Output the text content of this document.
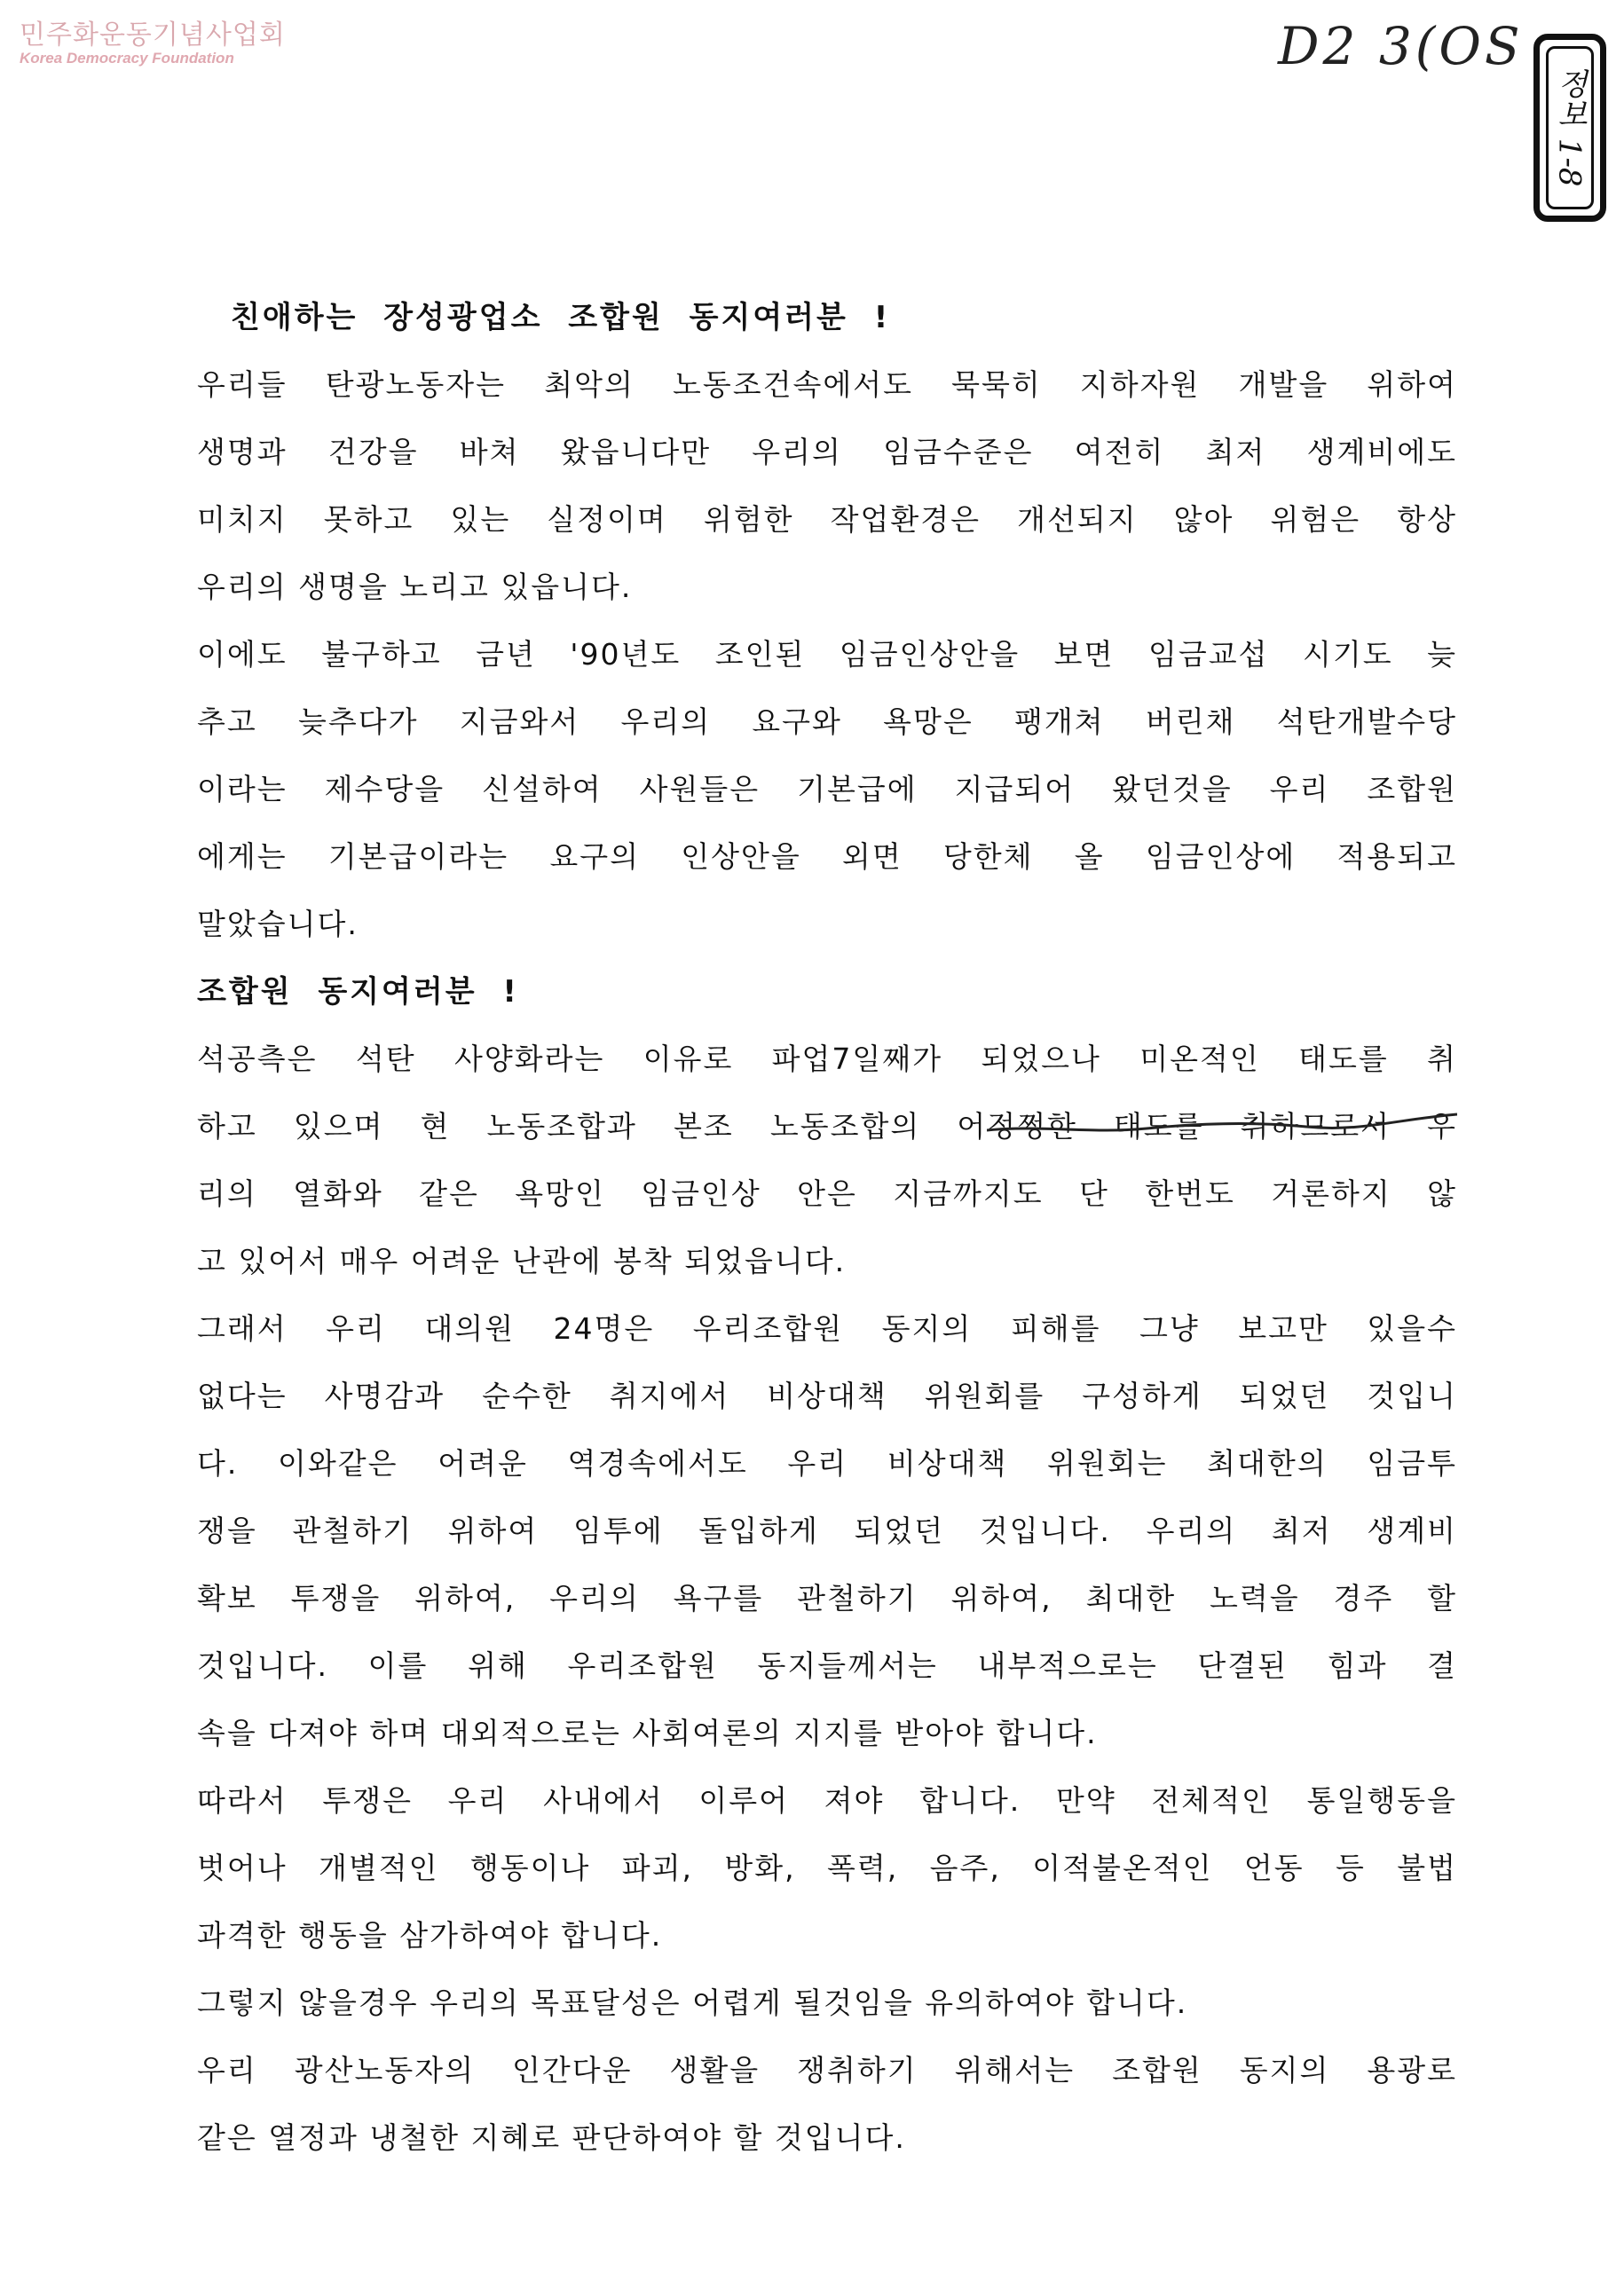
민주화운동기념사업회
Korea Democracy Foundation	D2 3(OS
정보 1-8
친애하는 장성광업소 조합원 동지여러분 !
우리들 탄광노동자는 최악의 노동조건속에서도 묵묵히 지하자원 개발을 위하여
생명과 건강을 바쳐 왔읍니다만 우리의 임금수준은 여전히 최저 생계비에도
미치지 못하고 있는 실정이며 위험한 작업환경은 개선되지 않아 위험은 항상
우리의 생명을 노리고 있읍니다.
이에도 불구하고 금년 '90년도 조인된 임금인상안을 보면 임금교섭 시기도 늦
추고 늦추다가 지금와서 우리의 요구와 욕망은 팽개쳐 버린채 석탄개발수당
이라는 제수당을 신설하여 사원들은 기본급에 지급되어 왔던것을 우리 조합원
에게는 기본급이라는 요구의 인상안을 외면 당한체 올 임금인상에 적용되고
말았습니다.
조합원 동지여러분 !
석공측은 석탄 사양화라는 이유로 파업7일째가 되었으나 미온적인 태도를 취
하고 있으며 현 노동조합과 본조 노동조합의 어정쩡한 태도를 취하므로서 우
리의 열화와 같은 욕망인 임금인상 안은 지금까지도 단 한번도 거론하지 않
고 있어서 매우 어려운 난관에 봉착 되었읍니다.
그래서 우리 대의원 24명은 우리조합원 동지의 피해를 그냥 보고만 있을수
없다는 사명감과 순수한 취지에서 비상대책 위원회를 구성하게 되었던 것입니
다. 이와같은 어려운 역경속에서도 우리 비상대책 위원회는 최대한의 임금투
쟁을 관철하기 위하여 임투에 돌입하게 되었던 것입니다. 우리의 최저 생계비
확보 투쟁을 위하여, 우리의 욕구를 관철하기 위하여, 최대한 노력을 경주 할
것입니다. 이를 위해 우리조합원 동지들께서는 내부적으로는 단결된 힘과 결
속을 다져야 하며 대외적으로는 사회여론의 지지를 받아야 합니다.
따라서 투쟁은 우리 사내에서 이루어 져야 합니다. 만약 전체적인 통일행동을
벗어나 개별적인 행동이나 파괴, 방화, 폭력, 음주, 이적불온적인 언동 등 불법
과격한 행동을 삼가하여야 합니다.
그렇지 않을경우 우리의 목표달성은 어렵게 될것임을 유의하여야 합니다.
우리 광산노동자의 인간다운 생활을 쟁취하기 위해서는 조합원 동지의 용광로
같은 열정과 냉철한 지혜로 판단하여야 할 것입니다.
